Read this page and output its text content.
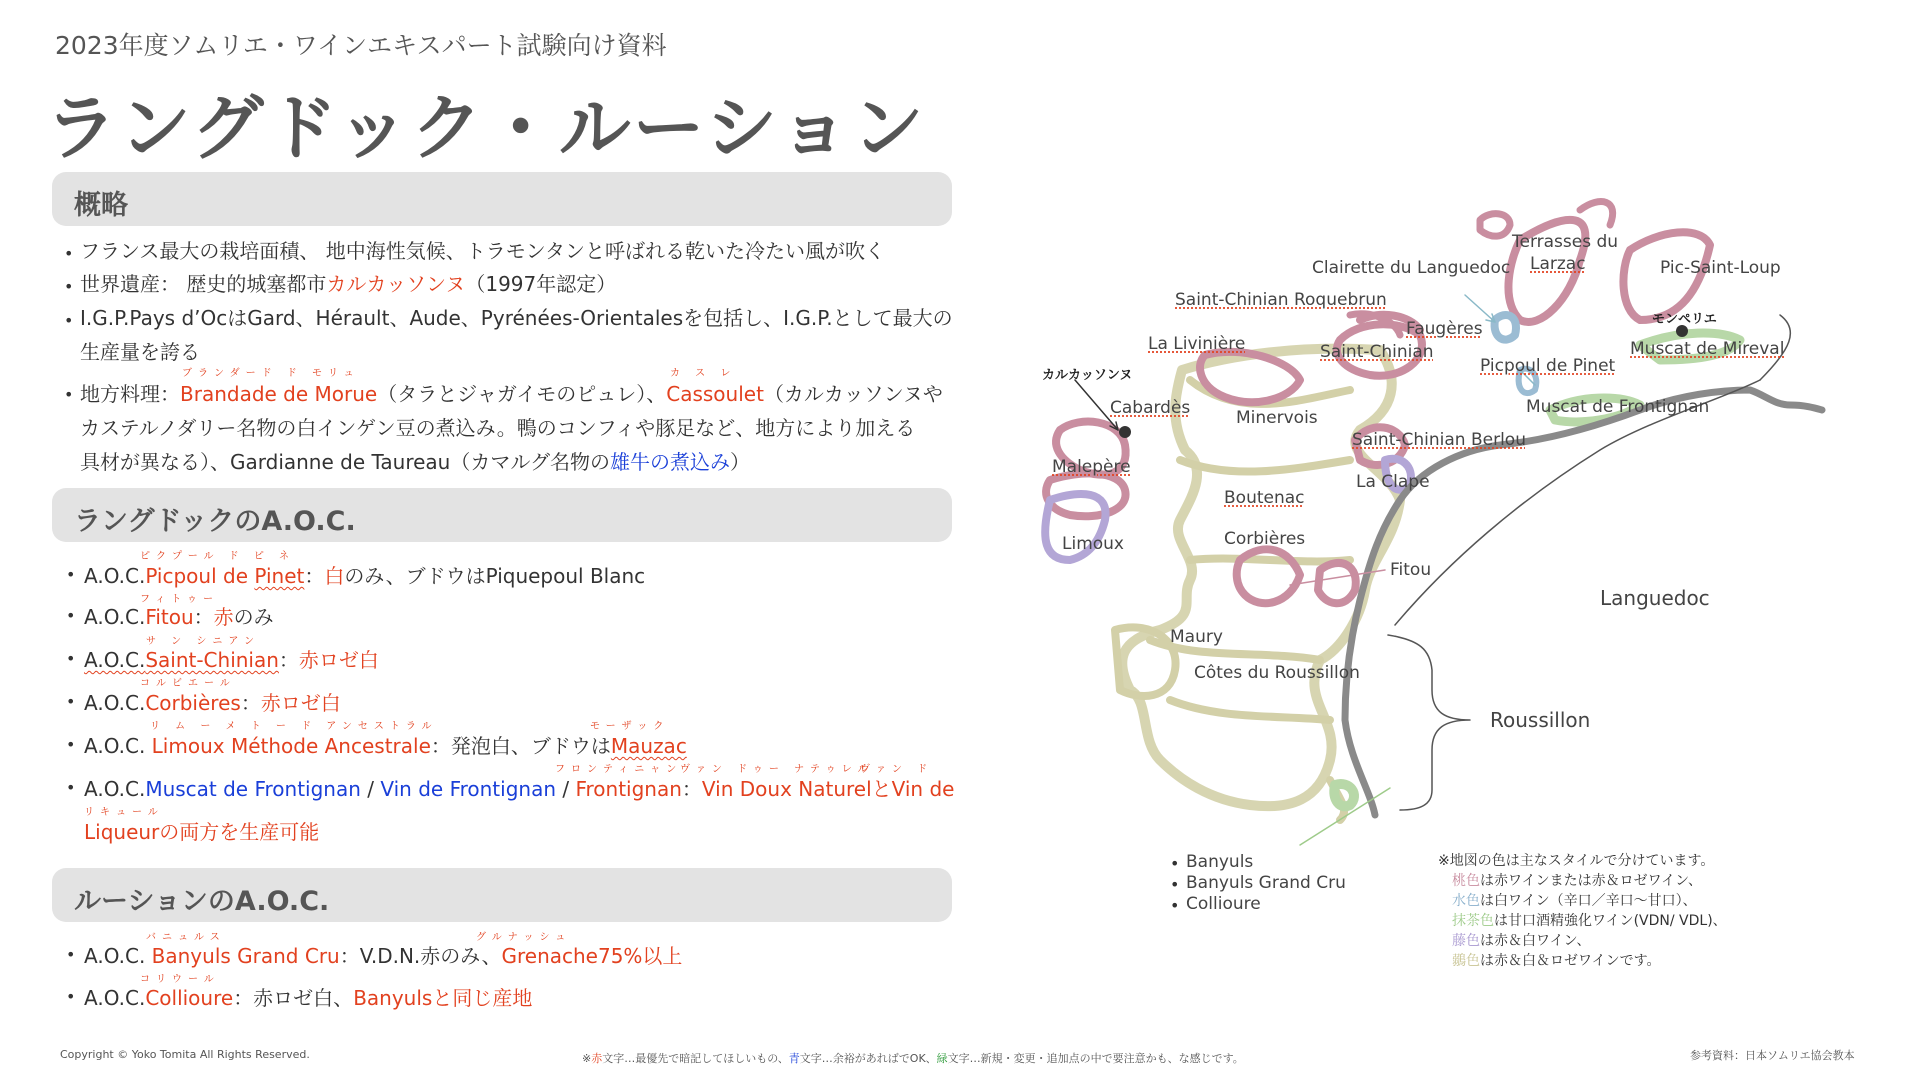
2023年度ソムリエ・ワインエキスパート試験向け資料
ラングドック・ルーション
概略
• フランス最大の栽培面積、 地中海性気候、トラモンタンと呼ばれる乾いた冷たい風が吹く
• 世界遺産： 歴史的城塞都市カルカッソンヌ（1997年認定）
• I.G.P.Pays d’OcはGard、Hérault、Aude、Pyrénées-Orientalesを包括し、I.G.P.として最大の
生産量を誇る
ブランダード ド モリュ	カ ス レ
• 地方料理：Brandade de Morue（タラとジャガイモのピュレ）、Cassoulet（カルカッソンヌや
カステルノダリー名物の白インゲン豆の煮込み。鴨のコンフィや豚足など、地方により加える
具材が異なる）、Gardianne de Taureau（カマルグ名物の雄牛の煮込み）
ラングドックのA.O.C.
ピクプール ド ピ ネ
• A.O.C.Picpoul de Pinet：白のみ、ブドウはPiquepoul Blanc
フィトゥー
• A.O.C.Fitou：赤のみ
サ ン シニアン
• A.O.C.Saint-Chinian：赤ロゼ白
コルビエール
• A.O.C.Corbières：赤ロゼ白
リ ム ー メ ト ー ド アンセストラル	モーザック
• A.O.C. Limoux Méthode Ancestrale：発泡白、ブドウはMauzac
フロンティニャン
ヴァン ドゥー ナテゥレル
ヴァン ド
• A.O.C.Muscat de Frontignan / Vin de Frontignan / Frontignan：Vin Doux NaturelとVin de
リキュール
Liqueurの両方を生産可能
ルーションのA.O.C.
バニュルス	グルナッシュ
• A.O.C. Banyuls Grand Cru：V.D.N.赤のみ、Grenache75%以上
コリウール
• A.O.C.Collioure：赤ロゼ白、Banyulsと同じ産地
Terrasses du
Larzac
Clairette du Languedoc	Pic-Saint-Loup
Saint-Chinian Roquebrun
Faugères	モンペリエ
La Livinière	Saint-Chinian
Picpoul de Pinet
Muscat de Mireval
カルカッソンヌ
Cabardès	Minervois
Muscat de Frontignan
Saint-Chinian Berlou
Malepère
La Clape
Boutenac
Limoux	Corbières
Fitou
Languedoc
Maury
Côtes du Roussillon
Roussillon
• Banyuls
• Banyuls Grand Cru
• Collioure
※地図の色は主なスタイルで分けています。
桃色は赤ワインまたは赤＆ロゼワイン、
水色は白ワイン（辛口／辛口〜甘口）、
抹茶色は甘口酒精強化ワイン(VDN/ VDL)、
藤色は赤＆白ワイン、
鶸色は赤＆白＆ロゼワインです。
Copyright © Yoko Tomita All Rights Reserved.	※赤文字…最優先で暗記してほしいもの、青文字…余裕があればでOK、緑文字…新規・変更・追加点の中で要注意かも、な感じです。	参考資料：日本ソムリエ協会教本
